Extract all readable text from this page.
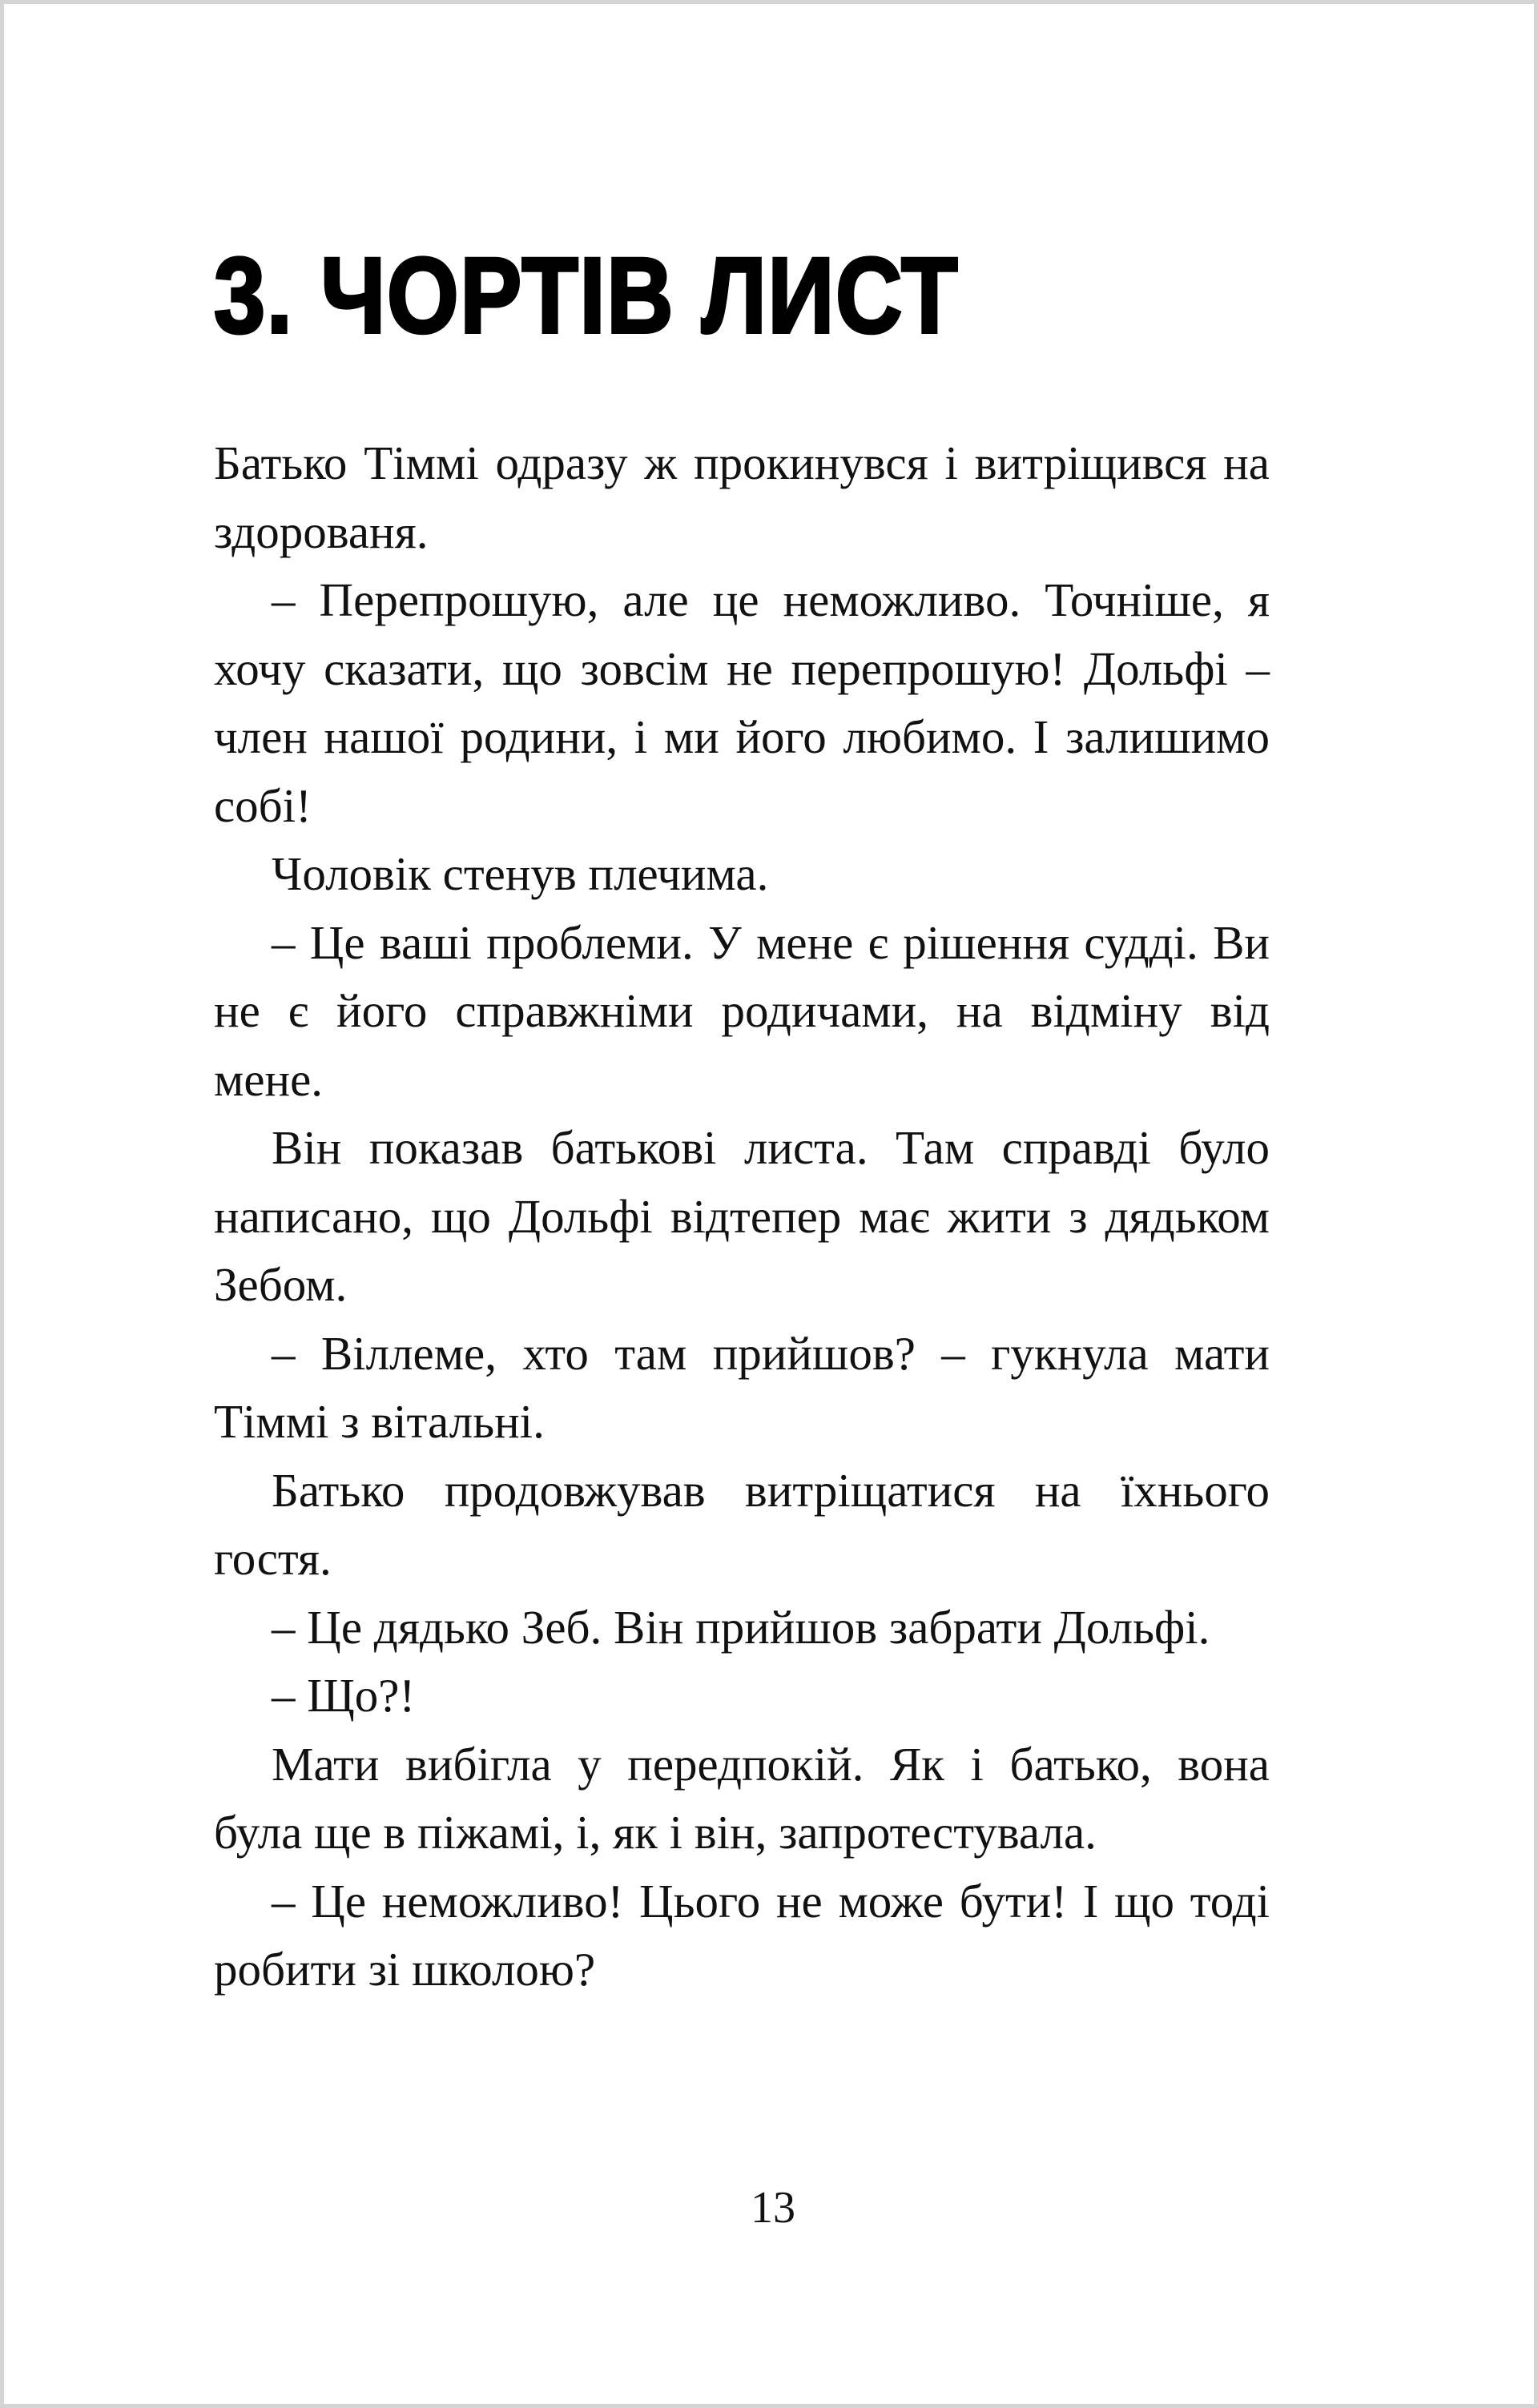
3. ЧОРТІВ ЛИСТ

Батько Тіммі одразу ж прокинувся і витріщився на здорованя.

– Перепрошую, але це неможливо. Точніше, я хочу сказати, що зовсім не перепрошую! Дольфі – член нашої родини, і ми його любимо. І залишимо собі!

Чоловік стенув плечима.

– Це ваші проблеми. У мене є рішення судді. Ви не є його справжніми родичами, на відміну від мене.

Він показав батькові листа. Там справді було написано, що Дольфі відтепер має жити з дядьком Зебом.

– Віллеме, хто там прийшов? – гукнула мати Тіммі з вітальні.

Батько продовжував витріщатися на їхнього гостя.

– Це дядько Зеб. Він прийшов забрати Дольфі.

– Що?!

Мати вибігла у передпокій. Як і батько, вона була ще в піжамі, і, як і він, запротестувала.

– Це неможливо! Цього не може бути! І що тоді робити зі школою?

13
